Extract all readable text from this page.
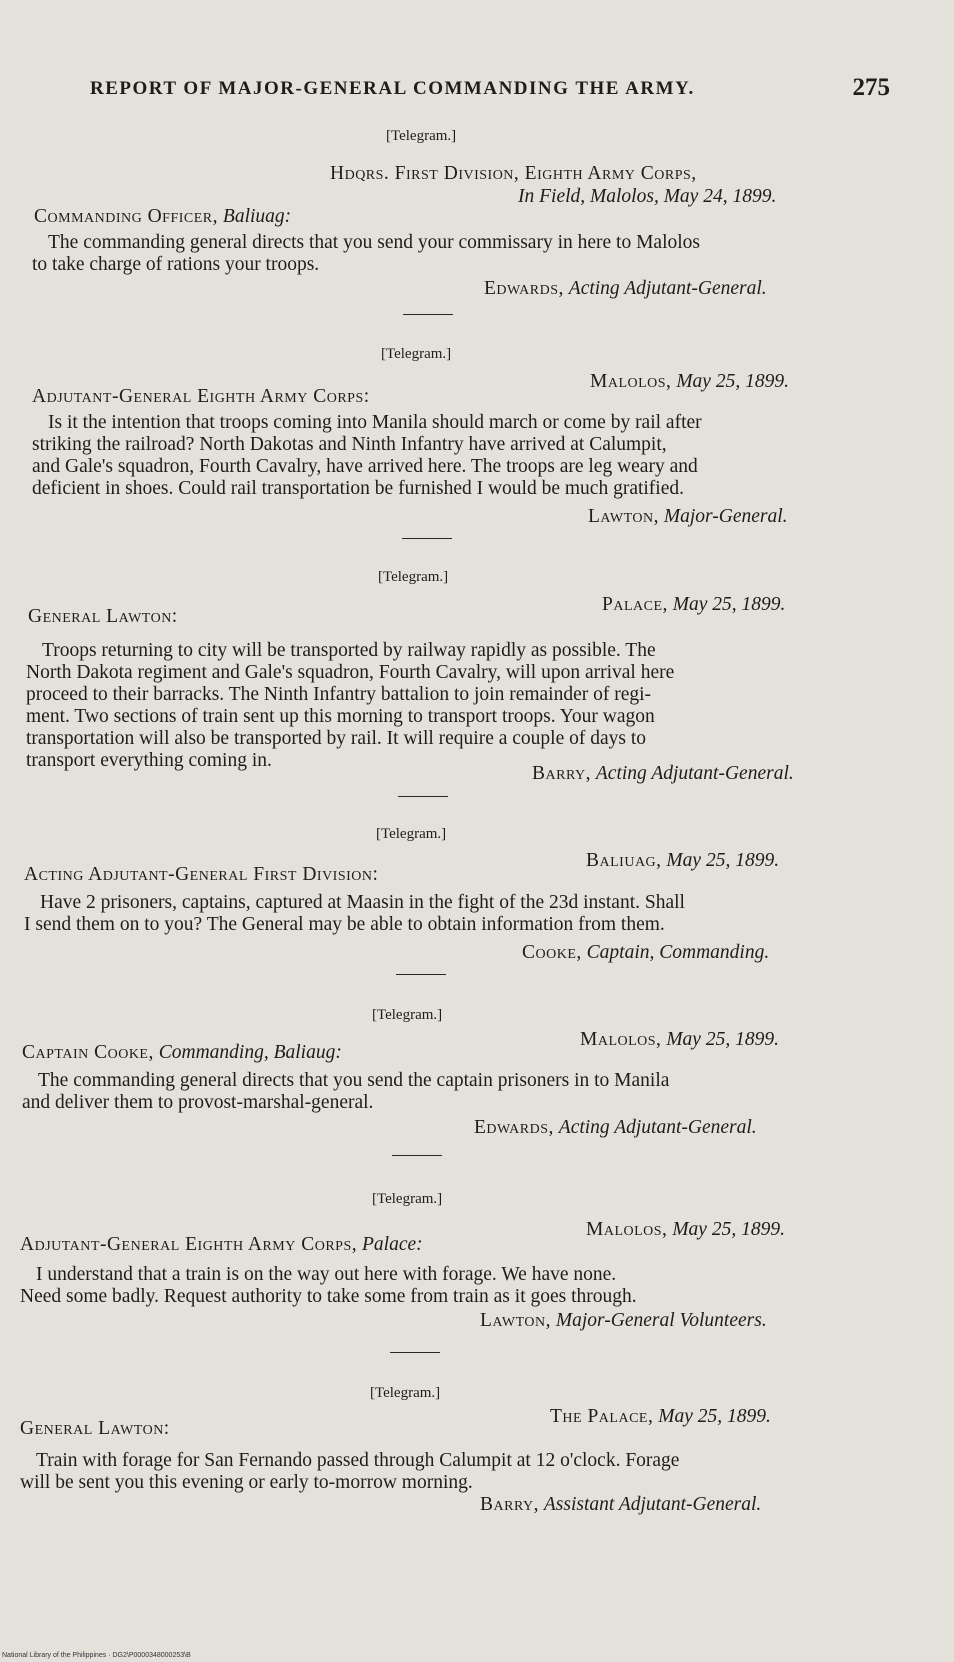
REPORT OF MAJOR-GENERAL COMMANDING THE ARMY.	275
[Telegram.]
Hdqrs. First Division, Eighth Army Corps,
In Field, Malolos, May 24, 1899.
Commanding Officer, Baliuag:
The commanding general directs that you send your commissary in here to Malolos
to take charge of rations your troops.
Edwards, Acting Adjutant-General.
[Telegram.]
Malolos, May 25, 1899.
Adjutant-General Eighth Army Corps:
Is it the intention that troops coming into Manila should march or come by rail after
striking the railroad? North Dakotas and Ninth Infantry have arrived at Calumpit,
and Gale's squadron, Fourth Cavalry, have arrived here. The troops are leg weary and
deficient in shoes. Could rail transportation be furnished I would be much gratified.
Lawton, Major-General.
[Telegram.]
Palace, May 25, 1899.
General Lawton:
Troops returning to city will be transported by railway rapidly as possible. The
North Dakota regiment and Gale's squadron, Fourth Cavalry, will upon arrival here
proceed to their barracks. The Ninth Infantry battalion to join remainder of regi-
ment. Two sections of train sent up this morning to transport troops. Your wagon
transportation will also be transported by rail. It will require a couple of days to
transport everything coming in.
Barry, Acting Adjutant-General.
[Telegram.]
Baliuag, May 25, 1899.
Acting Adjutant-General First Division:
Have 2 prisoners, captains, captured at Maasin in the fight of the 23d instant. Shall
I send them on to you? The General may be able to obtain information from them.
Cooke, Captain, Commanding.
[Telegram.]
Malolos, May 25, 1899.
Captain Cooke, Commanding, Baliaug:
The commanding general directs that you send the captain prisoners in to Manila
and deliver them to provost-marshal-general.
Edwards, Acting Adjutant-General.
[Telegram.]
Malolos, May 25, 1899.
Adjutant-General Eighth Army Corps, Palace:
I understand that a train is on the way out here with forage. We have none.
Need some badly. Request authority to take some from train as it goes through.
Lawton, Major-General Volunteers.
[Telegram.]
The Palace, May 25, 1899.
General Lawton:
Train with forage for San Fernando passed through Calumpit at 12 o'clock. Forage
will be sent you this evening or early to-morrow morning.
Barry, Assistant Adjutant-General.
National Library of the Philippines · DG2\P0000348000253\B
